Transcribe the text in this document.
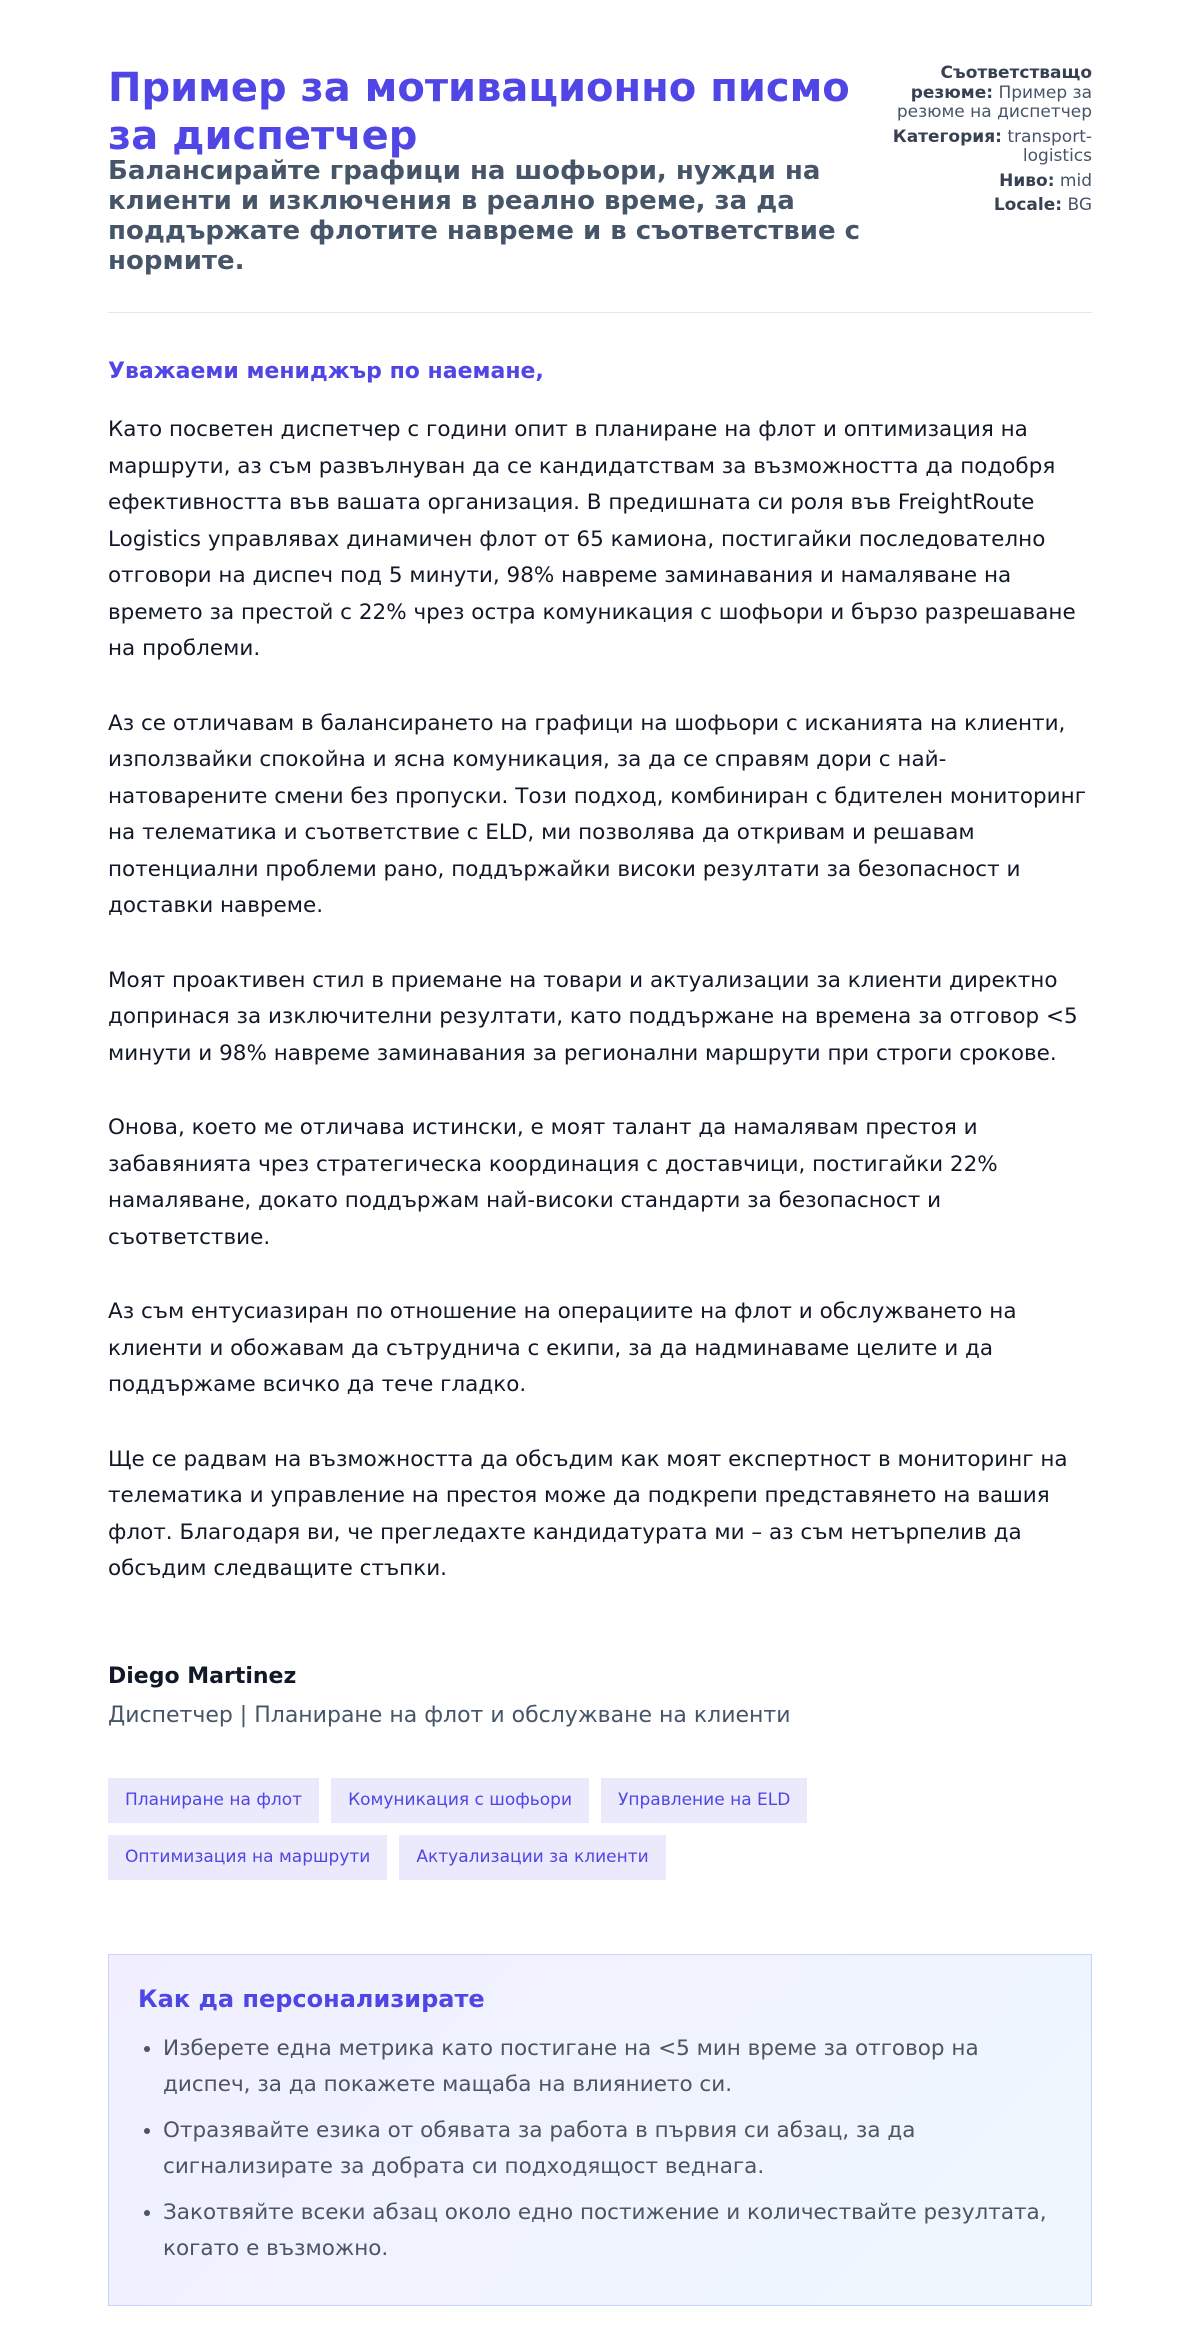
Пример за мотивационно писмо за диспетчер
Балансирайте графици на шофьори, нужди на клиенти и изключения в реално време, за да поддържате флотите навреме и в съответствие с нормите.
Съответстващо резюме: Пример за резюме на диспетчер
Категория: transport-logistics
Ниво: mid
Locale: BG
Уважаеми мениджър по наемане,

Като посветен диспетчер с години опит в планиране на флот и оптимизация на маршрути, аз съм развълнуван да се кандидатствам за възможността да подобря ефективността във вашата организация. В предишната си роля във FreightRoute Logistics управлявах динамичен флот от 65 камиона, постигайки последователно отговори на диспеч под 5 минути, 98% навреме заминавания и намаляване на времето за престой с 22% чрез остра комуникация с шофьори и бързо разрешаване на проблеми.

Аз се отличавам в балансирането на графици на шофьори с исканията на клиенти, използвайки спокойна и ясна комуникация, за да се справям дори с най-натоварените смени без пропуски. Този подход, комбиниран с бдителен мониторинг на телематика и съответствие с ELD, ми позволява да откривам и решавам потенциални проблеми рано, поддържайки високи резултати за безопасност и доставки навреме.

Моят проактивен стил в приемане на товари и актуализации за клиенти директно допринася за изключителни резултати, като поддържане на времена за отговор <5 минути и 98% навреме заминавания за регионални маршрути при строги срокове.

Онова, което ме отличава истински, е моят талант да намалявам престоя и забавянията чрез стратегическа координация с доставчици, постигайки 22% намаляване, докато поддържам най-високи стандарти за безопасност и съответствие.

Аз съм ентусиазиран по отношение на операциите на флот и обслужването на клиенти и обожавам да сътруднича с екипи, за да надминаваме целите и да поддържаме всичко да тече гладко.

Ще се радвам на възможността да обсъдим как моят експертност в мониторинг на телематика и управление на престоя може да подкрепи представянето на вашия флот. Благодаря ви, че прегледахте кандидатурата ми – аз съм нетърпелив да обсъдим следващите стъпки.

Diego Martinez
Диспетчер | Планиране на флот и обслужване на клиенти
Планиране на флот	Комуникация с шофьори	Управление на ELD
Оптимизация на маршрути	Актуализации за клиенти
Как да персонализирате
• Изберете една метрика като постигане на <5 мин време за отговор на диспеч, за да покажете мащаба на влиянието си.
• Отразявайте езика от обявата за работа в първия си абзац, за да сигнализирате за добрата си подходящост веднага.
• Закотвяйте всеки абзац около едно постижение и количествайте резултата, когато е възможно.
